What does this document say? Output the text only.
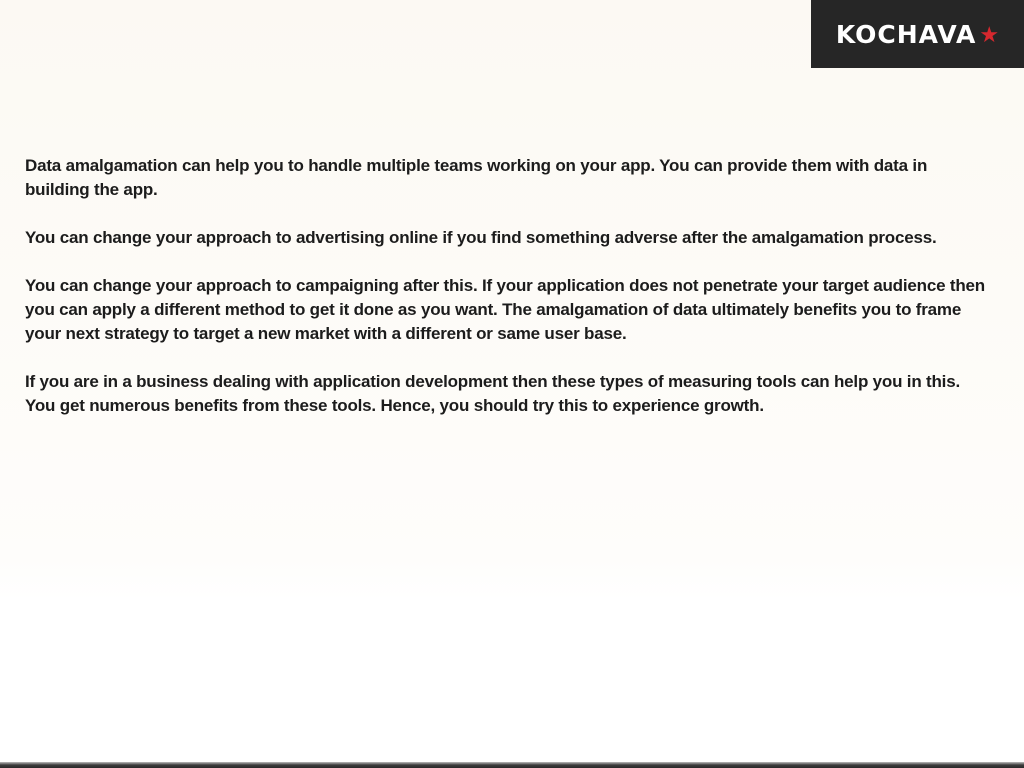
KOCHAVA ★

Data amalgamation can help you to handle multiple teams working on your app. You can provide them with data in building the app.

You can change your approach to advertising online if you find something adverse after the amalgamation process.

You can change your approach to campaigning after this. If your application does not penetrate your target audience then you can apply a different method to get it done as you want. The amalgamation of data ultimately benefits you to frame your next strategy to target a new market with a different or same user base.

If you are in a business dealing with application development then these types of measuring tools can help you in this. You get numerous benefits from these tools. Hence, you should try this to experience growth.
